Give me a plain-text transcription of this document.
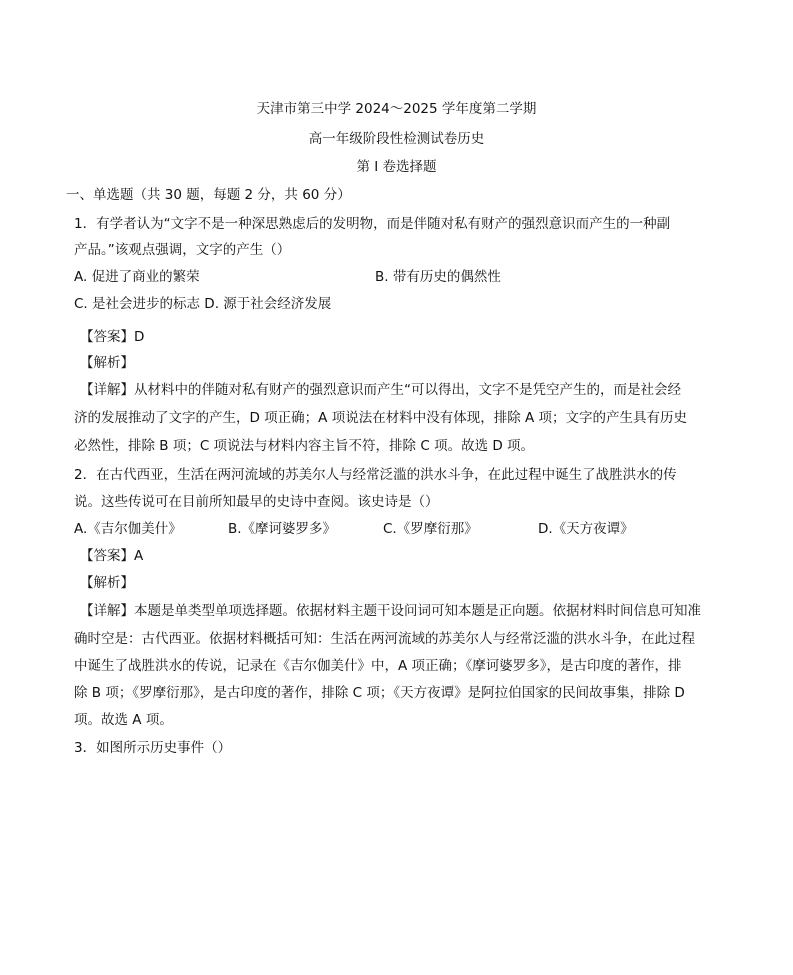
天津市第三中学 2024～2025 学年度第二学期
高一年级阶段性检测试卷历史
第 I 卷选择题
一、单选题（共 30 题，每题 2 分，共 60 分）
1．有学者认为“文字不是一种深思熟虑后的发明物，而是伴随对私有财产的强烈意识而产生的一种副
产品。”该观点强调，文字的产生（）
A. 促进了商业的繁荣	B. 带有历史的偶然性
C. 是社会进步的标志 D. 源于社会经济发展
【答案】D
【解析】
【详解】从材料中的伴随对私有财产的强烈意识而产生“可以得出，文字不是凭空产生的，而是社会经
济的发展推动了文字的产生，D 项正确；A 项说法在材料中没有体现，排除 A 项；文字的产生具有历史
必然性，排除 B 项；C 项说法与材料内容主旨不符，排除 C 项。故选 D 项。
2．在古代西亚，生活在两河流域的苏美尔人与经常泛滥的洪水斗争，在此过程中诞生了战胜洪水的传
说。这些传说可在目前所知最早的史诗中查阅。该史诗是（）
A.《吉尔伽美什》	B.《摩诃婆罗多》	C.《罗摩衍那》	D.《天方夜谭》
【答案】A
【解析】
【详解】本题是单类型单项选择题。依据材料主题干设问词可知本题是正向题。依据材料时间信息可知准
确时空是：古代西亚。依据材料概括可知：生活在两河流域的苏美尔人与经常泛滥的洪水斗争，在此过程
中诞生了战胜洪水的传说，记录在《吉尔伽美什》中，A 项正确；《摩诃婆罗多》，是古印度的著作，排
除 B 项；《罗摩衍那》，是古印度的著作，排除 C 项；《天方夜谭》是阿拉伯国家的民间故事集，排除 D
项。故选 A 项。
3．如图所示历史事件（）
